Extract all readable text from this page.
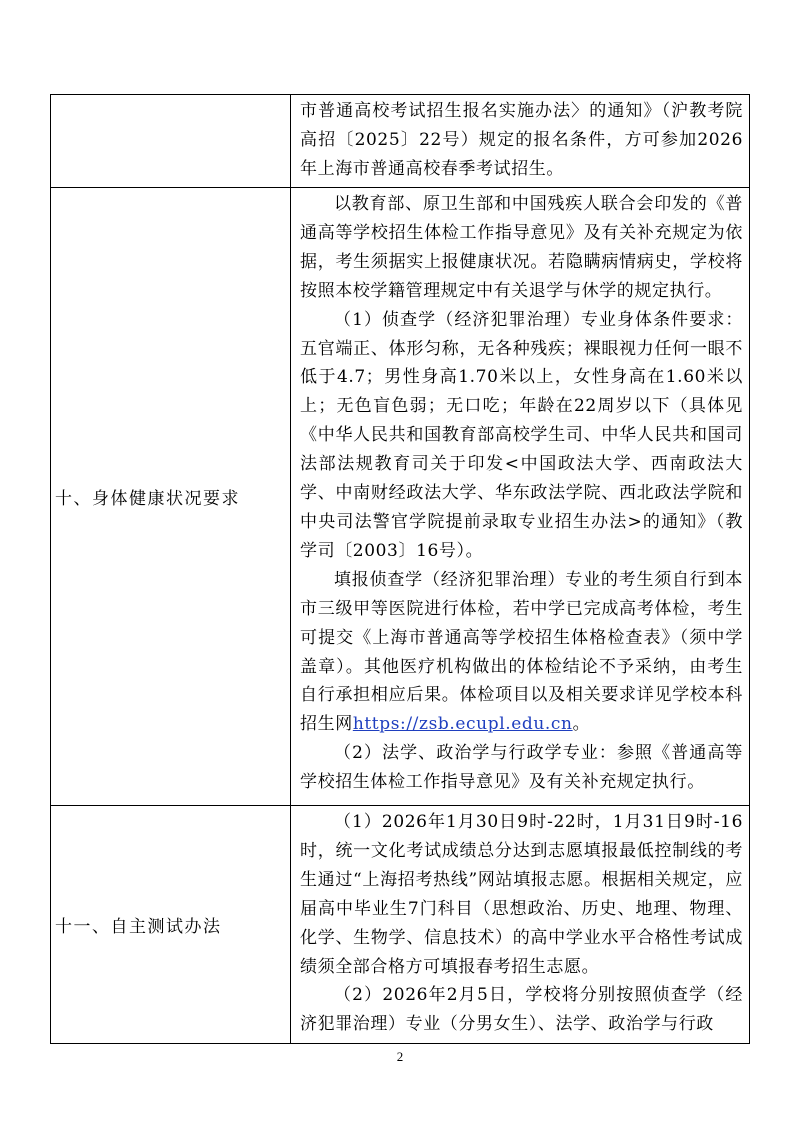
	市普通高校考试招生报名实施办法〉的通知》（沪教考院高招〔2025〕22号）规定的报名条件，方可参加2026年上海市普通高校春季考试招生。

十、身体健康状况要求	以教育部、原卫生部和中国残疾人联合会印发的《普通高等学校招生体检工作指导意见》及有关补充规定为依据，考生须据实上报健康状况。若隐瞒病情病史，学校将按照本校学籍管理规定中有关退学与休学的规定执行。

（1）侦查学（经济犯罪治理）专业身体条件要求：五官端正、体形匀称，无各种残疾；裸眼视力任何一眼不低于4.7；男性身高1.70米以上，女性身高在1.60米以上；无色盲色弱；无口吃；年龄在22周岁以下（具体见《中华人民共和国教育部高校学生司、中华人民共和国司法部法规教育司关于印发<中国政法大学、西南政法大学、中南财经政法大学、华东政法学院、西北政法学院和中央司法警官学院提前录取专业招生办法>的通知》（教学司〔2003〕16号）。

填报侦查学（经济犯罪治理）专业的考生须自行到本市三级甲等医院进行体检，若中学已完成高考体检，考生可提交《上海市普通高等学校招生体格检查表》（须中学盖章）。其他医疗机构做出的体检结论不予采纳，由考生自行承担相应后果。体检项目以及相关要求详见学校本科招生网https://zsb.ecupl.edu.cn。

（2）法学、政治学与行政学专业：参照《普通高等学校招生体检工作指导意见》及有关补充规定执行。

十一、自主测试办法	（1）2026年1月30日9时-22时，1月31日9时-16时，统一文化考试成绩总分达到志愿填报最低控制线的考生通过“上海招考热线”网站填报志愿。根据相关规定，应届高中毕业生7门科目（思想政治、历史、地理、物理、化学、生物学、信息技术）的高中学业水平合格性考试成绩须全部合格方可填报春考招生志愿。

（2）2026年2月5日，学校将分别按照侦查学（经济犯罪治理）专业（分男女生）、法学、政治学与行政

2
